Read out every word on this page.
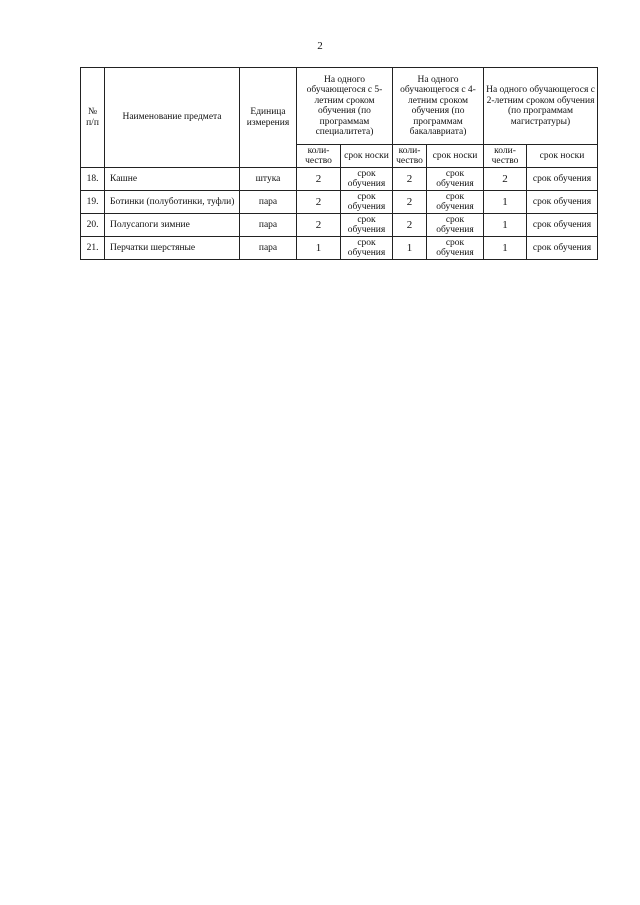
2
№ п/п	Наименование предмета	Единица измерения	На одного обучающегося с 5-летним сроком обучения (по программам специалитета)		На одного обучающегося с 4-летним сроком обучения (по программам бакалавриата)		На одного обучающегося с 2-летним сроком обучения (по программам магистратуры)	
			коли-чество	срок носки	коли-чество	срок носки	коли-чество	срок носки
18.	Кашне	штука	2	срок обучения	2	срок обучения	2	срок обучения
19.	Ботинки (полуботинки, туфли)	пара	2	срок обучения	2	срок обучения	1	срок обучения
20.	Полусапоги зимние	пара	2	срок обучения	2	срок обучения	1	срок обучения
21.	Перчатки шерстяные	пара	1	срок обучения	1	срок обучения	1	срок обучения
